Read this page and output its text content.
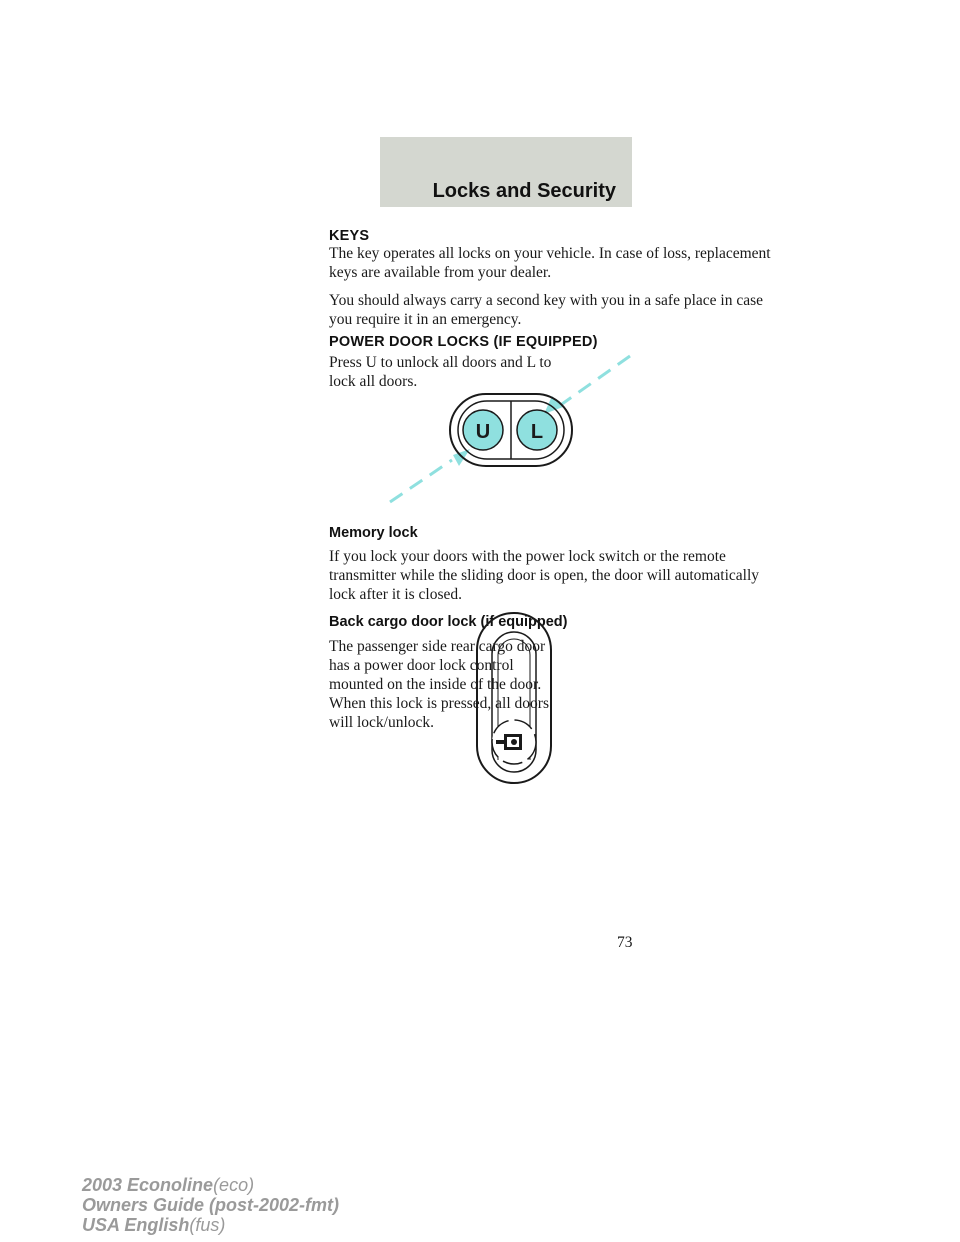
Locks and Security
KEYS

The key operates all locks on your vehicle. In case of loss, replacement
keys are available from your dealer.

You should always carry a second key with you in a safe place in case
you require it in an emergency.

POWER DOOR LOCKS (IF EQUIPPED)

Press U to unlock all doors and L to
lock all doors.

U L
Memory lock

If you lock your doors with the power lock switch or the remote
transmitter while the sliding door is open, the door will automatically
lock after it is closed.

Back cargo door lock (if equipped)

The passenger side rear cargo door
has a power door lock control
mounted on the inside of the door.
When this lock is pressed, all doors
will lock/unlock.

73
2003 Econoline(eco)
Owners Guide (post-2002-fmt)
USA English(fus)
